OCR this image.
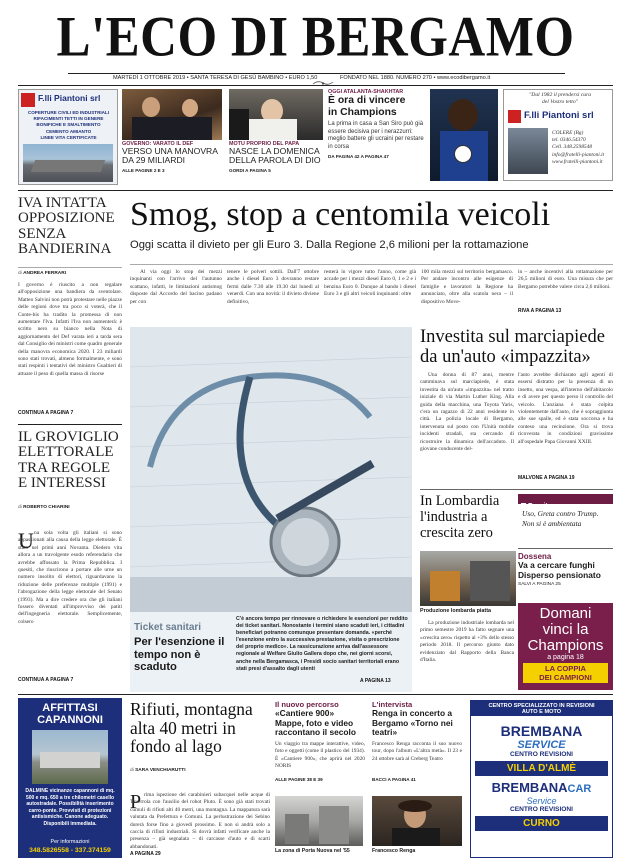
L'ECO DI BERGAMO
MARTEDÌ 1 OTTOBRE 2019 • SANTA TERESA DI GESÙ BAMBINO • EURO 1,50	FONDATO NEL 1880. NUMERO 270 • www.ecodibergamo.it
F.lli Piantoni srl
COPERTURE CIVILI ED INDUSTRIALI
RIFACIMENTI TETTI IN GENERE
BONIFICHE E SMALTIMENTO
CEMENTO AMIANTO
LINEE VITA CERTIFICATE
GOVERNO: VARATO IL DEF
VERSO UNA MANOVRA DA 29 MILIARDI
ALLE PAGINE 2 E 3
MOTU PROPRIO DEL PAPA
NASCE LA DOMENICA DELLA PAROLA DI DIO
GORDI A PAGINA 5
OGGI ATALANTA-SHAKHTAR
È ora di vincere
in Champions
La prima in casa a San Siro può già essere decisiva per i nerazzurri: meglio battere gli ucraini per restare in corsa
DA PAGINA 42 A PAGINA 47
"Dal 1982 il prendersi cura
del Vostro tetto"
F.lli Piantoni srl
COLERE (Bg)
tel. 0346.54370
Cell. 348.2598548
info@fratelli-piantoni.it
www.fratelli-piantoni.it
IVA INTATTA OPPOSIZIONE SENZA BANDIERINA
di ANDREA FERRARI
I governo è riuscito a non regalare all'opposizione una bandiera da sventolare. Matteo Salvini non potrà protestare nelle piazze delle regioni dove tra poco si voterà, che il Conte-bis ha tradito la promessa di non aumentare l'Iva. Infatti l'Iva non aumenterà: è scritto nero su bianco nella Nota di aggiornamento del Def varata ieri a tarda sera dal Consiglio dei ministri come quadro generale della manovra economica 2020. I 23 miliardi sono stati trovati, almeno formalmente, e sono stati respinti i tentativi del ministro Gualtieri di attuare il peso di quella massa di risorse
CONTINUA A PAGINA 7
IL GROVIGLIO ELETTORALE TRA REGOLE E INTERESSI
di ROBERTO CHIARINI
U na sola volta gli italiani si sono appassionati alla causa della legge elettorale. È stato nel primi anni Novanta. Diedero vita allora a un travolgente esodo referendario che avrebbe affossato la Prima Repubblica. I quesiti, che riuscirono a portare alle urne un numero insolito di elettori, riguardavano la riduzione delle preferenze multiple (1991) e l'abrogazione della legge elettorale del Senato (1993). Ma a dire credere ora che gli italiani fossero diventati all'improvviso dei patiti dell'ingegneria elettorale. Semplicemente, colsero
CONTINUA A PAGINA 7
Smog, stop a centomila veicoli
Oggi scatta il divieto per gli Euro 3. Dalla Regione 2,6 milioni per la rottamazione
Al via oggi lo stop dei mezzi inquinanti con l'arrivo del l'autunno scattano, infatti, le limitazioni antismog disposte dal Accordo del bacino padano per con
tenere le polveri sottili. Dall'7 ottobre anche i diesel Euro 3 dovranno restare fermi dalle 7.30 alle 19.30 dal lunedì al venerdì. Con una novità: il divieto diviene definitivo,
resterà in vigore tutto l'anno, come già accade per i mezzi diesel Euro 0, 1 e 2 e i benzina Euro 0. Dunque al bando i diesel Euro 3 e gli altri veicoli inquinanti: oltre
100 mila mezzi sul territorio bergamasco. Per andare incontro alle esigenze di famiglie e lavoratori la Regione ha annunciato, oltre alla scatola nera – il dispositivo Move-
in – anche incentivi alla rottamazione per 26,5 milioni di euro. Una misura che per Bergamo potrebbe valere circa 2,6 milioni.
RIVA A PAGINA 13
Ticket sanitari
Per l'esenzione il tempo non è scaduto
C'è ancora tempo per rinnovare o richiedere le esenzioni per reddito dei ticket sanitari. Nonostante i termini siano scaduti ieri, i cittadini beneficiari potranno comunque presentare domanda. «perché l'esenzione entro la successiva prestazione, visita o prescrizione del proprio medico». La rassicurazione arriva dall'assessore regionale al Welfare Giulio Gallera dopo che, nei giorni scorsi, anche nella Bergamasca, i Presidi socio sanitari territoriali erano stati presi d'assalto dagli utenti
A PAGINA 13
Investita sul marciapiede da un'auto «impazzita»
Una donna di 87 anni, mentre camminava sul marciapiede, è stata investita da un'auto «impazzita» nel tratto iniziale di via Martin Luther King. Alla guida della macchina, una Toyota Yaris, c'era un ragazzo di 22 anni residente in città. La polizia locale di Bergamo, intervenuta sul posto con l'Unità mobile incidenti stradali, sta cercando di ricostruire la dinamica dell'accaduto. Il giovane conducente del-
l'auto avrebbe dichiarato agli agenti di essersi distratto per la presenza di un insetto, una vespa, all'interno dell'abitacolo e di avere per questo perso il controllo del veicolo. L'anziana è stata colpita violentemente dall'auto, che è sopraggiunta alle sue spalle, ed è stata soccorsa e ha conteso una recinzione. Ora si trova ricoverata in condizioni gravissime all'ospedale Papa Giovanni XXIII.
MALVONE A PAGINA 19
In Lombardia l'industria a crescita zero
Produzione lombarda piatta
La produzione industriale lombarda nel primo semestre 2019 ha fatto segnare una «crescita zero» rispetto al +3% dello stesso periodo 2018. Il percorso giunto dato evidenziato dal Rapporto della Banca d'Italia.
Prosit
Uso, Greta contro Trump.
Non si è ambientata
Dossena
Va a cercare funghi Disperso pensionato
SALVI A PAGINA 25
Domani
vinci la
Champions
a pagina 18
LA COPPIA
DEI CAMPIONI
AFFITTASI
CAPANNONI
DALMINE vicinanze capannoni di mq. 500 e mq. 650 a tre chilometri casello autostradale. Possibilità inserimento carro-ponte. Provvisti di protezioni antisismiche. Canone adeguato. Disponibili immediata.
Per informazioni
348.5826558 - 337.374159
Rifiuti, montagna alta 40 metri in fondo al lago
di SARA VENCHIARUTTI
P rima ispezione dei carabinieri subacquei nelle acque di Taverrola con l'ausilio del robot Pluto. È sono già stati trovati cumuli di rifiuti alti 40 metri, una montagna. La mappatura sarà valutata da Prefettura e Comuni. La perlustrazione dei Sebino durerà forse fino a giovedì prossimo. E non si andrà solo a caccia di rifiuti industriali. Si dovrà infatti verificare anche la presenza – già segnalata – di carcasse d'auto e di scarti abbandonati.
A PAGINA 29
Il nuovo percorso
«Cantiere 900» Mappe, foto e video raccontano il secolo
Un viaggio tra mappe interattive, video, foto e oggetti (come il plastico del 1934). È «Cantiere 900», che aprirà nel 2020 NORIS
ALLE PAGINE 38 E 39
La zona di Porta Nuova nel '55
L'intervista
Renga in concerto a Bergamo «Torno nei teatri»
Francesco Renga racconta il suo nuovo tour, dopo l'album «L'altra metà». Il 23 e 24 ottobre sarà al Creberg Teatro
BACCI A PAGINA 41
Francesco Renga
CENTRO SPECIALIZZATO IN REVISIONI
AUTO E MOTO
BREMBANA
SERVICE
CENTRO REVISIONI
VILLA D'ALMÈ
BREMBANACAR
Service
CENTRO REVISIONI
CURNO
